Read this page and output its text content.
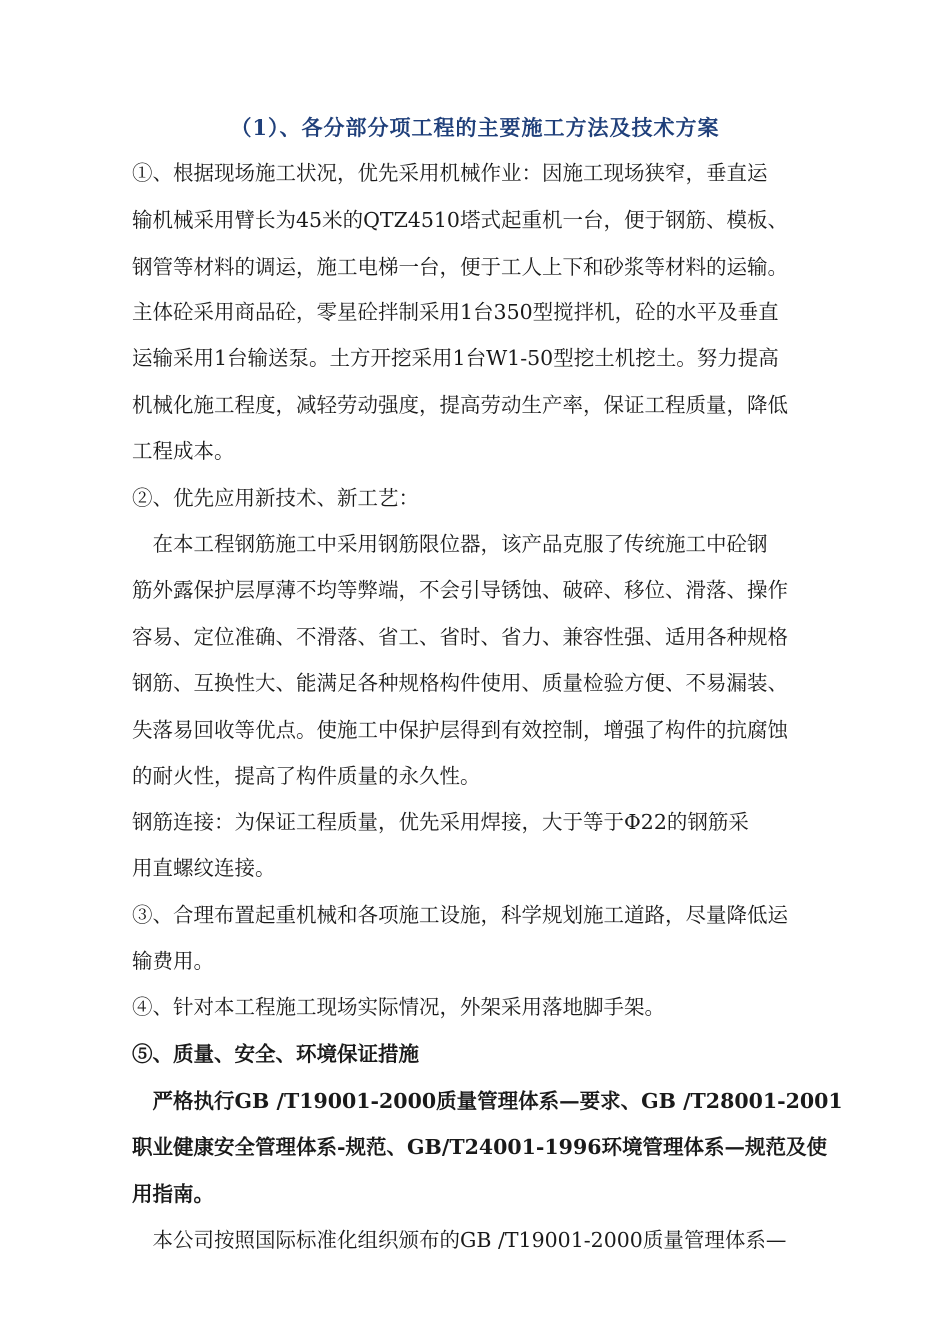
（1）、各分部分项工程的主要施工方法及技术方案

①、根据现场施工状况，优先采用机械作业：因施工现场狭窄，垂直运

输机械采用臂长为45米的QTZ4510塔式起重机一台，便于钢筋、模板、

钢管等材料的调运，施工电梯一台，便于工人上下和砂浆等材料的运输。

主体砼采用商品砼，零星砼拌制采用1台350型搅拌机，砼的水平及垂直

运输采用1台输送泵。土方开挖采用1台W1-50型挖土机挖土。努力提高

机械化施工程度，减轻劳动强度，提高劳动生产率，保证工程质量，降低

工程成本。

②、优先应用新技术、新工艺：

　在本工程钢筋施工中采用钢筋限位器，该产品克服了传统施工中砼钢

筋外露保护层厚薄不均等弊端，不会引导锈蚀、破碎、移位、滑落、操作

容易、定位准确、不滑落、省工、省时、省力、兼容性强、适用各种规格

钢筋、互换性大、能满足各种规格构件使用、质量检验方便、不易漏装、

失落易回收等优点。使施工中保护层得到有效控制，增强了构件的抗腐蚀

的耐火性，提高了构件质量的永久性。

钢筋连接：为保证工程质量，优先采用焊接，大于等于Φ22的钢筋采

用直螺纹连接。

③、合理布置起重机械和各项施工设施，科学规划施工道路，尽量降低运

输费用。

④、针对本工程施工现场实际情况，外架采用落地脚手架。

⑤、质量、安全、环境保证措施

　严格执行GB /T19001-2000质量管理体系—要求、GB /T28001-2001

职业健康安全管理体系-规范、GB/T24001-1996环境管理体系—规范及使

用指南。

　本公司按照国际标准化组织颁布的GB /T19001-2000质量管理体系—
